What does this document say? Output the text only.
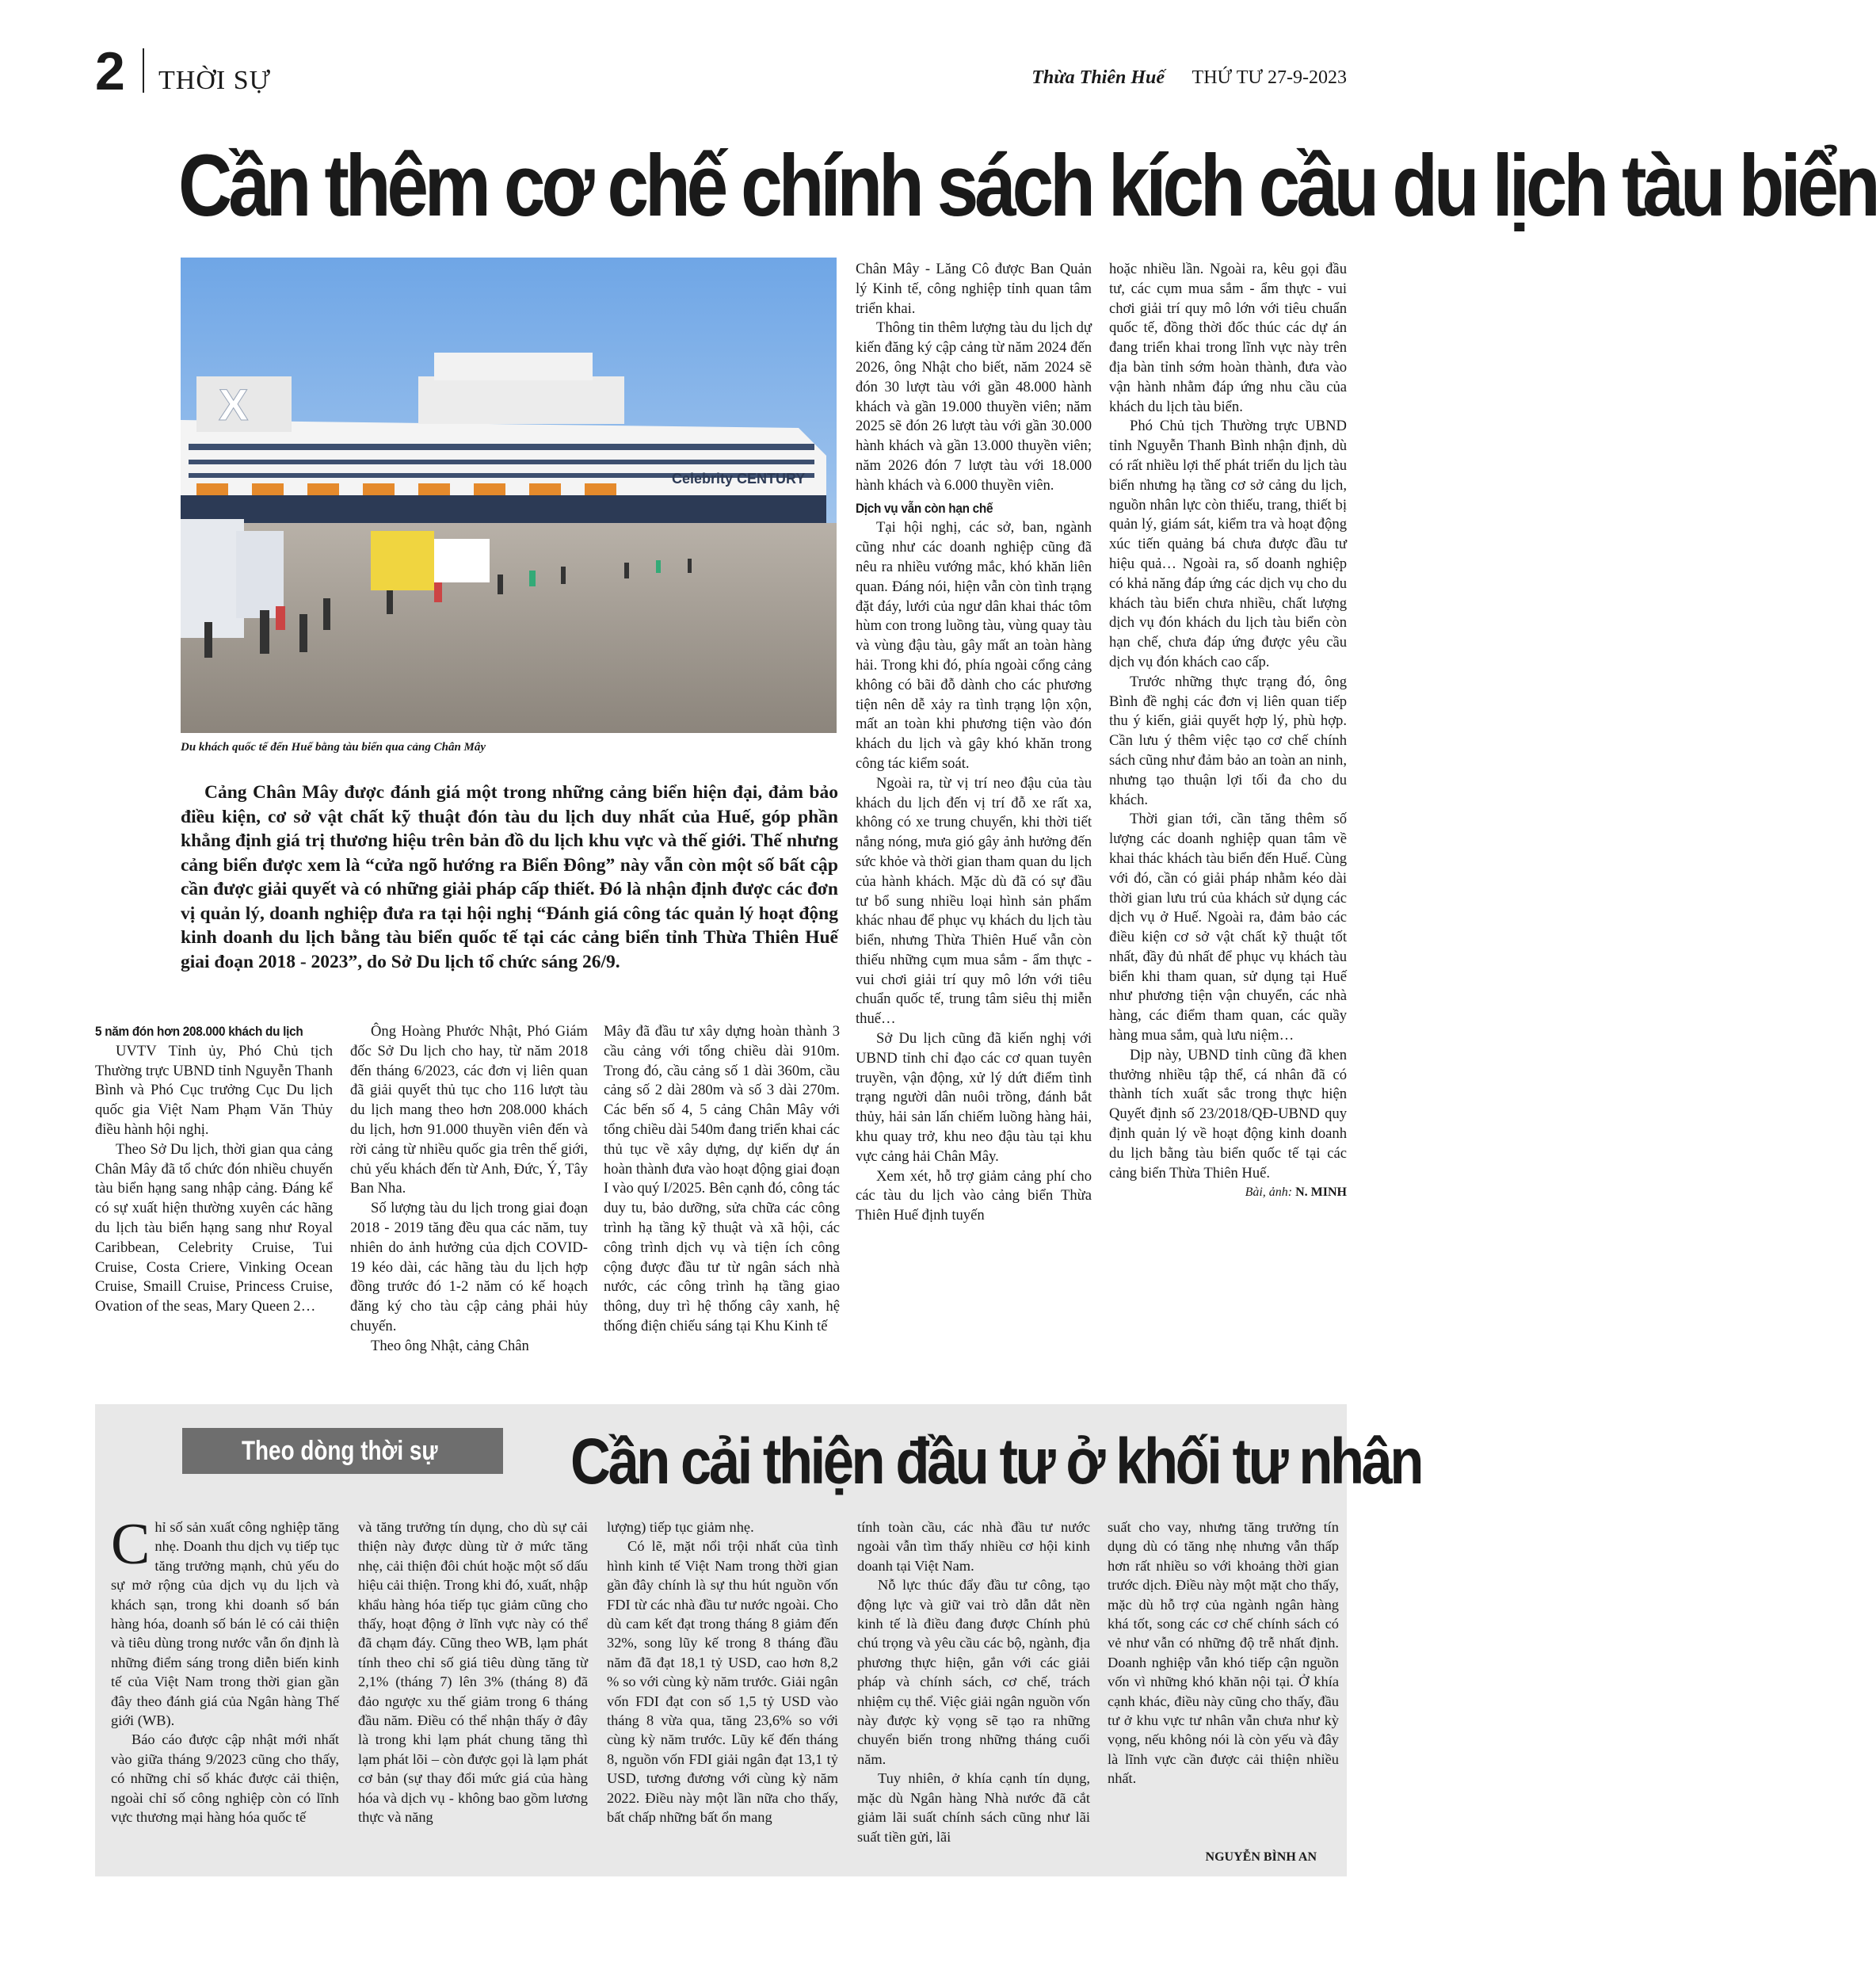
2 THỜI SỰ	Thừa Thiên Huế THỨ TƯ 27-9-2023
Cần thêm cơ chế chính sách kích cầu du lịch tàu biển
X
Celebrity CENTURY
Du khách quốc tế đến Huế bằng tàu biển qua cảng Chân Mây

Cảng Chân Mây được đánh giá một trong những cảng biển hiện đại, đảm bảo điều kiện, cơ sở vật chất kỹ thuật đón tàu du lịch duy nhất của Huế, góp phần khẳng định giá trị thương hiệu trên bản đồ du lịch khu vực và thế giới. Thế nhưng cảng biển được xem là “cửa ngõ hướng ra Biển Đông” này vẫn còn một số bất cập cần được giải quyết và có những giải pháp cấp thiết. Đó là nhận định được các đơn vị quản lý, doanh nghiệp đưa ra tại hội nghị “Đánh giá công tác quản lý hoạt động kinh doanh du lịch bằng tàu biển quốc tế tại các cảng biển tỉnh Thừa Thiên Huế giai đoạn 2018 - 2023”, do Sở Du lịch tổ chức sáng 26/9.

5 năm đón hơn 208.000 khách du lịch

UVTV Tỉnh ủy, Phó Chủ tịch Thường trực UBND tỉnh Nguyễn Thanh Bình và Phó Cục trưởng Cục Du lịch quốc gia Việt Nam Phạm Văn Thủy điều hành hội nghị.

Theo Sở Du lịch, thời gian qua cảng Chân Mây đã tổ chức đón nhiều chuyến tàu biển hạng sang nhập cảng. Đáng kể có sự xuất hiện thường xuyên các hãng du lịch tàu biển hạng sang như Royal Caribbean, Celebrity Cruise, Tui Cruise, Costa Criere, Vinking Ocean Cruise, Smaill Cruise, Princess Cruise, Ovation of the seas, Mary Queen 2…

Ông Hoàng Phước Nhật, Phó Giám đốc Sở Du lịch cho hay, từ năm 2018 đến tháng 6/2023, các đơn vị liên quan đã giải quyết thủ tục cho 116 lượt tàu du lịch mang theo hơn 208.000 khách du lịch, hơn 91.000 thuyền viên đến và rời cảng từ nhiều quốc gia trên thế giới, chủ yếu khách đến từ Anh, Đức, Ý, Tây Ban Nha.

Số lượng tàu du lịch trong giai đoạn 2018 - 2019 tăng đều qua các năm, tuy nhiên do ảnh hưởng của dịch COVID-19 kéo dài, các hãng tàu du lịch hợp đồng trước đó 1-2 năm có kế hoạch đăng ký cho tàu cập cảng phải hủy chuyến.

Theo ông Nhật, cảng Chân

Mây đã đầu tư xây dựng hoàn thành 3 cầu cảng với tổng chiều dài 910m. Trong đó, cầu cảng số 1 dài 360m, cầu cảng số 2 dài 280m và số 3 dài 270m. Các bến số 4, 5 cảng Chân Mây với tổng chiều dài 540m đang triển khai các thủ tục về xây dựng, dự kiến dự án hoàn thành đưa vào hoạt động giai đoạn I vào quý I/2025. Bên cạnh đó, công tác duy tu, bảo dưỡng, sửa chữa các công trình hạ tầng kỹ thuật và xã hội, các công trình dịch vụ và tiện ích công cộng được đầu tư từ ngân sách nhà nước, các công trình hạ tầng giao thông, duy trì hệ thống cây xanh, hệ thống điện chiếu sáng tại Khu Kinh tế

Chân Mây - Lăng Cô được Ban Quản lý Kinh tế, công nghiệp tỉnh quan tâm triển khai.

Thông tin thêm lượng tàu du lịch dự kiến đăng ký cập cảng từ năm 2024 đến 2026, ông Nhật cho biết, năm 2024 sẽ đón 30 lượt tàu với gần 48.000 hành khách và gần 19.000 thuyền viên; năm 2025 sẽ đón 26 lượt tàu với gần 30.000 hành khách và gần 13.000 thuyền viên; năm 2026 đón 7 lượt tàu với 18.000 hành khách và 6.000 thuyền viên.

Dịch vụ vẫn còn hạn chế

Tại hội nghị, các sở, ban, ngành cũng như các doanh nghiệp cũng đã nêu ra nhiều vướng mắc, khó khăn liên quan. Đáng nói, hiện vẫn còn tình trạng đặt đáy, lưới của ngư dân khai thác tôm hùm con trong luồng tàu, vùng quay tàu và vùng đậu tàu, gây mất an toàn hàng hải. Trong khi đó, phía ngoài cổng cảng không có bãi đỗ dành cho các phương tiện nên dễ xảy ra tình trạng lộn xộn, mất an toàn khi phương tiện vào đón khách du lịch và gây khó khăn trong công tác kiểm soát.

Ngoài ra, từ vị trí neo đậu của tàu khách du lịch đến vị trí đỗ xe rất xa, không có xe trung chuyển, khi thời tiết nắng nóng, mưa gió gây ảnh hưởng đến sức khỏe và thời gian tham quan du lịch của hành khách. Mặc dù đã có sự đầu tư bổ sung nhiều loại hình sản phẩm khác nhau để phục vụ khách du lịch tàu biển, nhưng Thừa Thiên Huế vẫn còn thiếu những cụm mua sắm - ẩm thực - vui chơi giải trí quy mô lớn với tiêu chuẩn quốc tế, trung tâm siêu thị miễn thuế…

Sở Du lịch cũng đã kiến nghị với UBND tỉnh chỉ đạo các cơ quan tuyên truyền, vận động, xử lý dứt điểm tình trạng người dân nuôi trồng, đánh bắt thủy, hải sản lấn chiếm luồng hàng hải, khu quay trở, khu neo đậu tàu tại khu vực cảng hải Chân Mây.

Xem xét, hỗ trợ giảm cảng phí cho các tàu du lịch vào cảng biển Thừa Thiên Huế định tuyến

hoặc nhiều lần. Ngoài ra, kêu gọi đầu tư, các cụm mua sắm - ẩm thực - vui chơi giải trí quy mô lớn với tiêu chuẩn quốc tế, đồng thời đốc thúc các dự án đang triển khai trong lĩnh vực này trên địa bàn tỉnh sớm hoàn thành, đưa vào vận hành nhằm đáp ứng nhu cầu của khách du lịch tàu biển.

Phó Chủ tịch Thường trực UBND tỉnh Nguyễn Thanh Bình nhận định, dù có rất nhiều lợi thế phát triển du lịch tàu biển nhưng hạ tầng cơ sở cảng du lịch, nguồn nhân lực còn thiếu, trang, thiết bị quản lý, giám sát, kiểm tra và hoạt động xúc tiến quảng bá chưa được đầu tư hiệu quả… Ngoài ra, số doanh nghiệp có khả năng đáp ứng các dịch vụ cho du khách tàu biển chưa nhiều, chất lượng dịch vụ đón khách du lịch tàu biển còn hạn chế, chưa đáp ứng được yêu cầu dịch vụ đón khách cao cấp.

Trước những thực trạng đó, ông Bình đề nghị các đơn vị liên quan tiếp thu ý kiến, giải quyết hợp lý, phù hợp. Cần lưu ý thêm việc tạo cơ chế chính sách cũng như đảm bảo an toàn an ninh, nhưng tạo thuận lợi tối đa cho du khách.

Thời gian tới, cần tăng thêm số lượng các doanh nghiệp quan tâm về khai thác khách tàu biển đến Huế. Cùng với đó, cần có giải pháp nhằm kéo dài thời gian lưu trú của khách sử dụng các dịch vụ ở Huế. Ngoài ra, đảm bảo các điều kiện cơ sở vật chất kỹ thuật tốt nhất, đầy đủ nhất để phục vụ khách tàu biển khi tham quan, sử dụng tại Huế như phương tiện vận chuyển, các nhà hàng, các điểm tham quan, các quầy hàng mua sắm, quà lưu niệm…

Dịp này, UBND tỉnh cũng đã khen thưởng nhiều tập thể, cá nhân đã có thành tích xuất sắc trong thực hiện Quyết định số 23/2018/QĐ-UBND quy định quản lý về hoạt động kinh doanh du lịch bằng tàu biển quốc tế tại các cảng biển Thừa Thiên Huế.

Bài, ảnh: N. MINH

Theo dòng thời sự	Cần cải thiện đầu tư ở khối tư nhân

Chỉ số sản xuất công nghiệp tăng nhẹ. Doanh thu dịch vụ tiếp tục tăng trưởng mạnh, chủ yếu do sự mở rộng của dịch vụ du lịch và khách sạn, trong khi doanh số bán hàng hóa, doanh số bán lẻ có cải thiện và tiêu dùng trong nước vẫn ổn định là những điểm sáng trong diễn biến kinh tế của Việt Nam trong thời gian gần đây theo đánh giá của Ngân hàng Thế giới (WB).

Báo cáo được cập nhật mới nhất vào giữa tháng 9/2023 cũng cho thấy, có những chỉ số khác được cải thiện, ngoài chỉ số công nghiệp còn có lĩnh vực thương mại hàng hóa quốc tế

và tăng trưởng tín dụng, cho dù sự cải thiện này được dùng từ ở mức tăng nhẹ, cải thiện đôi chút hoặc một số dấu hiệu cải thiện. Trong khi đó, xuất, nhập khẩu hàng hóa tiếp tục giảm cũng cho thấy, hoạt động ở lĩnh vực này có thể đã chạm đáy. Cũng theo WB, lạm phát tính theo chỉ số giá tiêu dùng tăng từ 2,1% (tháng 7) lên 3% (tháng 8) đã đảo ngược xu thế giảm trong 6 tháng đầu năm. Điều có thể nhận thấy ở đây là trong khi lạm phát chung tăng thì lạm phát lõi – còn được gọi là lạm phát cơ bản (sự thay đổi mức giá của hàng hóa và dịch vụ - không bao gồm lương thực và năng

lượng) tiếp tục giảm nhẹ.

Có lẽ, mặt nổi trội nhất của tình hình kinh tế Việt Nam trong thời gian gần đây chính là sự thu hút nguồn vốn FDI từ các nhà đầu tư nước ngoài. Cho dù cam kết đạt trong tháng 8 giảm đến 32%, song lũy kế trong 8 tháng đầu năm đã đạt 18,1 tỷ USD, cao hơn 8,2 % so với cùng kỳ năm trước. Giải ngân vốn FDI đạt con số 1,5 tỷ USD vào tháng 8 vừa qua, tăng 23,6% so với cùng kỳ năm trước. Lũy kế đến tháng 8, nguồn vốn FDI giải ngân đạt 13,1 tỷ USD, tương đương với cùng kỳ năm 2022. Điều này một lần nữa cho thấy, bất chấp những bất ổn mang

tính toàn cầu, các nhà đầu tư nước ngoài vẫn tìm thấy nhiều cơ hội kinh doanh tại Việt Nam.

Nỗ lực thúc đẩy đầu tư công, tạo động lực và giữ vai trò dẫn dắt nền kinh tế là điều đang được Chính phủ chú trọng và yêu cầu các bộ, ngành, địa phương thực hiện, gắn với các giải pháp và chính sách, cơ chế, trách nhiệm cụ thể. Việc giải ngân nguồn vốn này được kỳ vọng sẽ tạo ra những chuyển biến trong những tháng cuối năm.

Tuy nhiên, ở khía cạnh tín dụng, mặc dù Ngân hàng Nhà nước đã cắt giảm lãi suất chính sách cũng như lãi suất tiền gửi, lãi

suất cho vay, nhưng tăng trưởng tín dụng dù có tăng nhẹ nhưng vẫn thấp hơn rất nhiều so với khoảng thời gian trước dịch. Điều này một mặt cho thấy, mặc dù hỗ trợ của ngành ngân hàng khá tốt, song các cơ chế chính sách có vẻ như vẫn có những độ trễ nhất định. Doanh nghiệp vẫn khó tiếp cận nguồn vốn vì những khó khăn nội tại. Ở khía cạnh khác, điều này cũng cho thấy, đầu tư ở khu vực tư nhân vẫn chưa như kỳ vọng, nếu không nói là còn yếu và đây là lĩnh vực cần được cải thiện nhiều nhất.

NGUYỄN BÌNH AN
